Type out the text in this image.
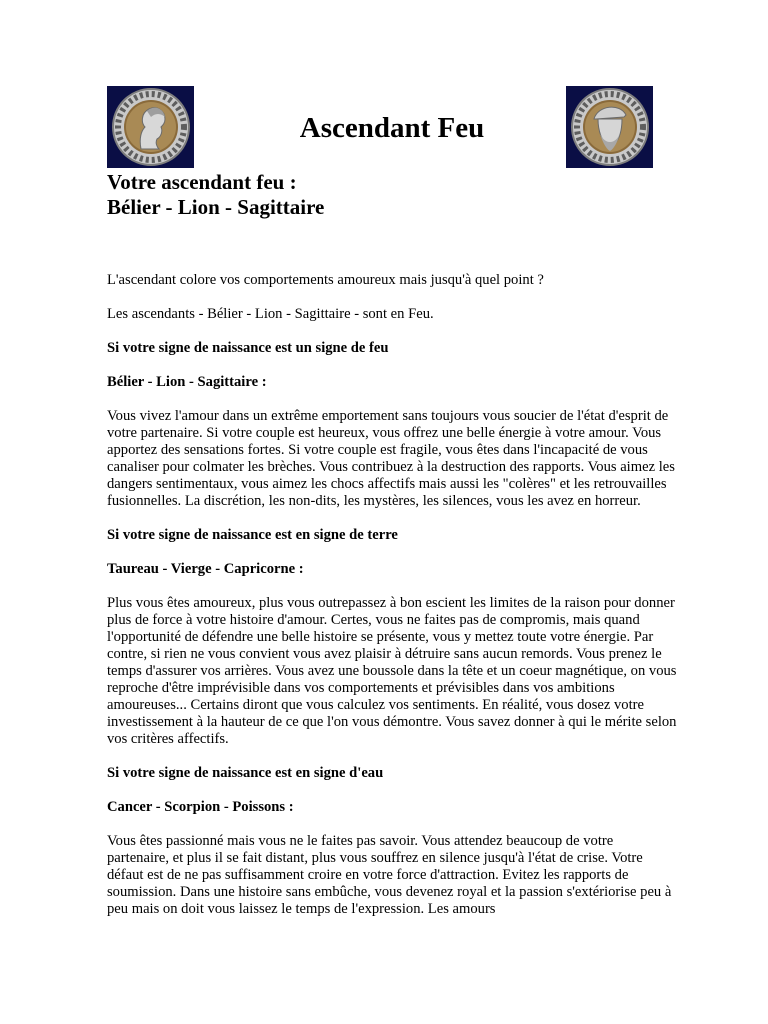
Ascendant Feu
Votre ascendant feu :
Bélier - Lion - Sagittaire

L'ascendant colore vos comportements amoureux mais jusqu'à quel point ?

Les ascendants - Bélier - Lion - Sagittaire - sont en Feu.

Si votre signe de naissance est un signe de feu

Bélier - Lion - Sagittaire :

Vous vivez l'amour dans un extrême emportement sans toujours vous soucier de l'état d'esprit de votre partenaire. Si votre couple est heureux, vous offrez une belle énergie à votre amour. Vous apportez des sensations fortes. Si votre couple est fragile, vous êtes dans l'incapacité de vous canaliser pour colmater les brèches. Vous contribuez à la destruction des rapports. Vous aimez les dangers sentimentaux, vous aimez les chocs affectifs mais aussi les "colères" et les retrouvailles fusionnelles. La discrétion, les non-dits, les mystères, les silences, vous les avez en horreur.

Si votre signe de naissance est en signe de terre

Taureau - Vierge - Capricorne :

Plus vous êtes amoureux, plus vous outrepassez à bon escient les limites de la raison pour donner plus de force à votre histoire d'amour. Certes, vous ne faites pas de compromis, mais quand l'opportunité de défendre une belle histoire se présente, vous y mettez toute votre énergie. Par contre, si rien ne vous convient vous avez plaisir à détruire sans aucun remords. Vous prenez le temps d'assurer vos arrières. Vous avez une boussole dans la tête et un coeur magnétique, on vous reproche d'être imprévisible dans vos comportements et prévisibles dans vos ambitions amoureuses... Certains diront que vous calculez vos sentiments. En réalité, vous dosez votre investissement à la hauteur de ce que l'on vous démontre. Vous savez donner à qui le mérite selon vos critères affectifs.

Si votre signe de naissance est en signe d'eau

Cancer - Scorpion - Poissons :

Vous êtes passionné mais vous ne le faites pas savoir. Vous attendez beaucoup de votre partenaire, et plus il se fait distant, plus vous souffrez en silence jusqu'à l'état de crise. Votre défaut est de ne pas suffisamment croire en votre force d'attraction. Evitez les rapports de soumission. Dans une histoire sans embûche, vous devenez royal et la passion s'extériorise peu à peu mais on doit vous laissez le temps de l'expression. Les amours
